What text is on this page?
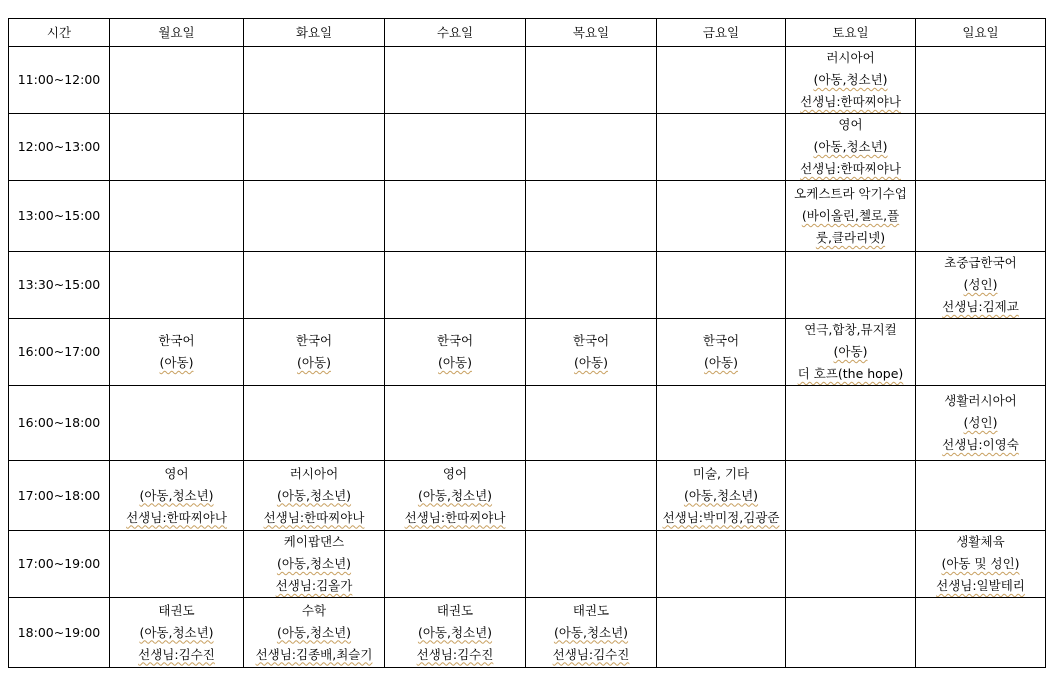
시간	월요일	화요일	수요일	목요일	금요일	토요일	일요일
11:00~12:00						러시아어
(아동,청소년)
선생님:한따찌야나	

12:00~13:00						영어
(아동,청소년)
선생님:한따찌야나	

13:00~15:00						오케스트라 악기수업
(바이올린,첼로,플
룻,클라리넷)	

13:30~15:00							초중급한국어
(성인)
선생님:김제교

16:00~17:00	한국어
(아동)	한국어
(아동)	한국어
(아동)	한국어
(아동)	한국어
(아동)	연극,합창,뮤지컬
(아동)
더 호프(the hope)	

16:00~18:00							생활러시아어
(성인)
선생님:이영숙

17:00~18:00	영어
(아동,청소년)
선생님:한따찌야나	러시아어
(아동,청소년)
선생님:한따찌야나	영어
(아동,청소년)
선생님:한따찌야나		미술, 기타
(아동,청소년)
선생님:박미정,김광준		

17:00~19:00		케이팝댄스
(아동,청소년)
선생님:김올가					생활체육
(아동 및 성인)
선생님:일발테리

18:00~19:00	태권도
(아동,청소년)
선생님:김수진	수학
(아동,청소년)
선생님:김종배,최슬기	태권도
(아동,청소년)
선생님:김수진	태권도
(아동,청소년)
선생님:김수진			
